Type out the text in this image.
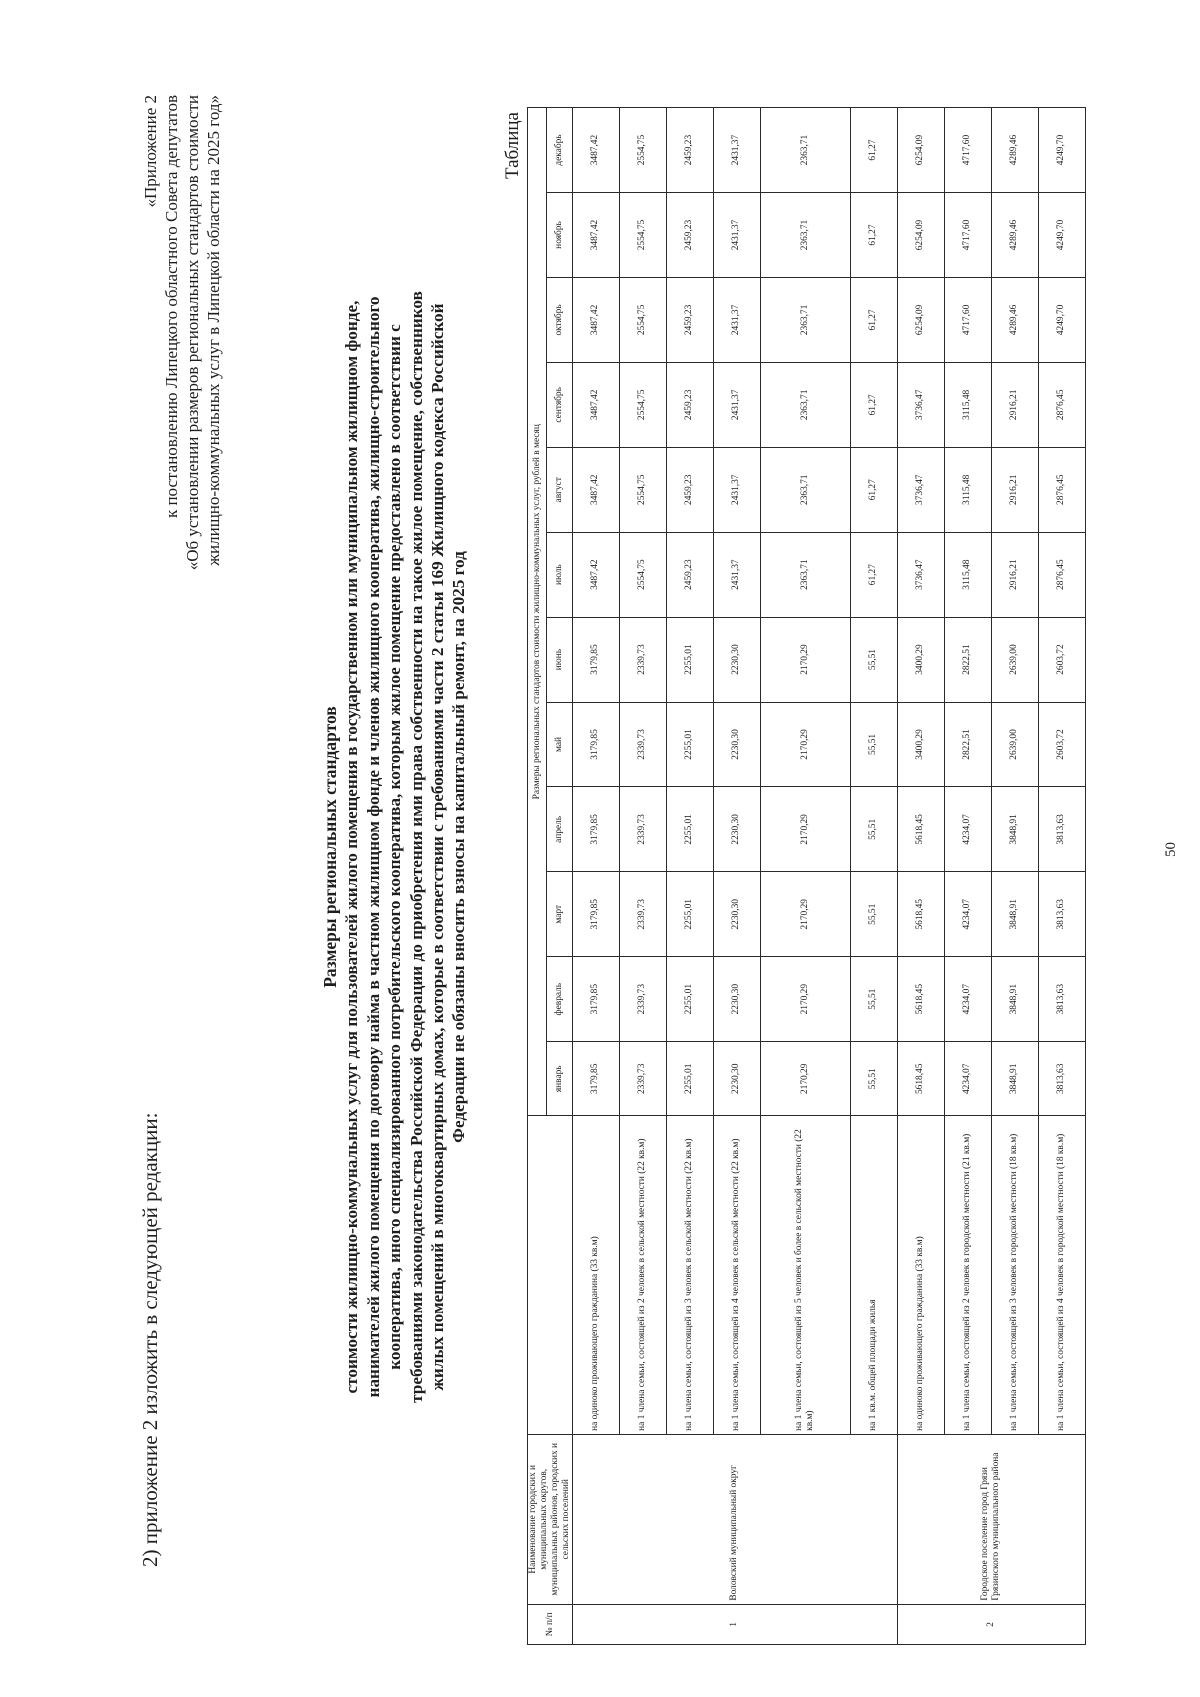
2) приложение 2 изложить в следующей редакции:
«Приложение 2 к постановлению Липецкого областного Совета депутатов «Об установлении размеров региональных стандартов стоимости жилищно-коммунальных услуг в Липецкой области на 2025 год»
Размеры региональных стандартов стоимости жилищно-коммунальных услуг для пользователей жилого помещения в государственном или муниципальном жилищном фонде, нанимателей жилого помещения по договору найма в частном жилищном фонде и членов жилищного кооператива, жилищно-строительного кооператива, иного специализированного потребительского кооператива, которым жилое помещение предоставлено в соответствии с требованиями законодательства Российской Федерации до приобретения ими права собственности на такое жилое помещение, собственников жилых помещений в многоквартирных домах, которые в соответствии с требованиями части 2 статьи 169 Жилищного кодекса Российской Федерации не обязаны вносить взносы на капитальный ремонт, на 2025 год
Таблица
№ п/п	Наименование городских и муниципальных округов, муниципальных районов, городских и сельских поселений		Размеры региональных стандартов стоимости жилищно-коммунальных услуг, рублей в месяц											
			январь	февраль	март	апрель	май	июнь	июль	август	сентябрь	октябрь	ноябрь	декабрь
1	Воловский муниципальный округ	на одиноко проживающего гражданина (33 кв.м)	3179,85	3179,85	3179,85	3179,85	3179,85	3179,85	3487,42	3487,42	3487,42	3487,42	3487,42	3487,42
		на 1 члена семьи, состоящей из 2 человек в сельской местности (22 кв.м)	2339,73	2339,73	2339,73	2339,73	2339,73	2339,73	2554,75	2554,75	2554,75	2554,75	2554,75	2554,75
		на 1 члена семьи, состоящей из 3 человек в сельской местности (22 кв.м)	2255,01	2255,01	2255,01	2255,01	2255,01	2255,01	2459,23	2459,23	2459,23	2459,23	2459,23	2459,23
		на 1 члена семьи, состоящей из 4 человек в сельской местности (22 кв.м)	2230,30	2230,30	2230,30	2230,30	2230,30	2230,30	2431,37	2431,37	2431,37	2431,37	2431,37	2431,37
		на 1 члена семьи, состоящей из 5 человек и более в сельской местности (22 кв.м)	2170,29	2170,29	2170,29	2170,29	2170,29	2170,29	2363,71	2363,71	2363,71	2363,71	2363,71	2363,71
		на 1 кв.м. общей площади жилья	55,51	55,51	55,51	55,51	55,51	55,51	61,27	61,27	61,27	61,27	61,27	61,27
2	Городское поселение город Грязи Грязинского муниципального района	на одиноко проживающего гражданина (33 кв.м)	5618,45	5618,45	5618,45	5618,45	3400,29	3400,29	3736,47	3736,47	3736,47	6254,09	6254,09	6254,09
		на 1 члена семьи, состоящей из 2 человек в городской местности (21 кв.м)	4234,07	4234,07	4234,07	4234,07	2822,51	2822,51	3115,48	3115,48	3115,48	4717,60	4717,60	4717,60
		на 1 члена семьи, состоящей из 3 человек в городской местности (18 кв.м)	3848,91	3848,91	3848,91	3848,91	2639,00	2639,00	2916,21	2916,21	2916,21	4289,46	4289,46	4289,46
		на 1 члена семьи, состоящей из 4 человек в городской местности (18 кв.м)	3813,63	3813,63	3813,63	3813,63	2603,72	2603,72	2876,45	2876,45	2876,45	4249,70	4249,70	4249,70
50
